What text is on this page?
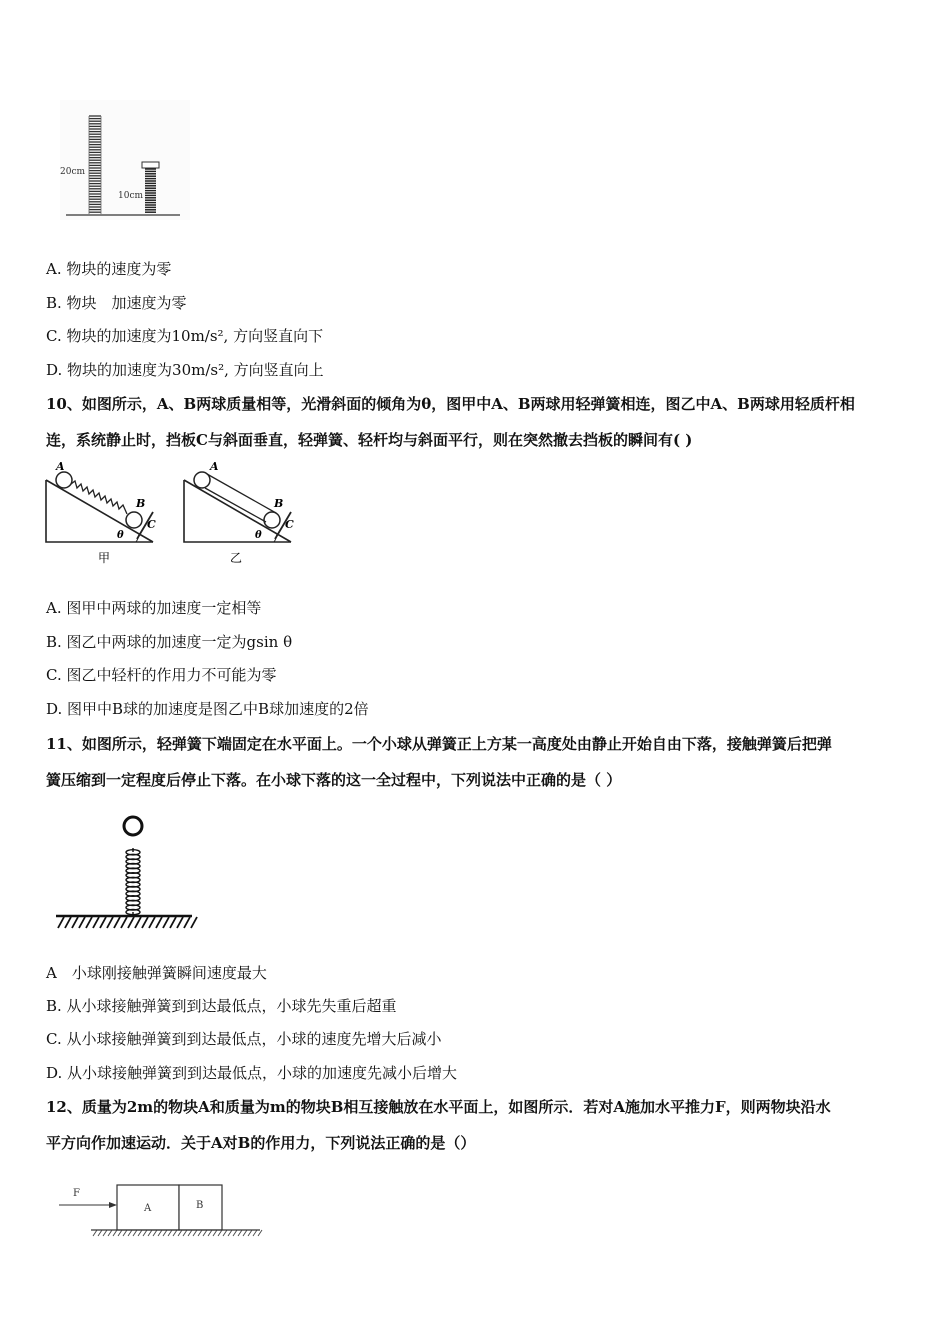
20cm
10cm
A. 物块的速度为零
B. 物块　加速度为零
C. 物块的加速度为10m/s², 方向竖直向下
D. 物块的加速度为30m/s², 方向竖直向上
10、如图所示，A、B两球质量相等，光滑斜面的倾角为θ，图甲中A、B两球用轻弹簧相连，图乙中A、B两球用轻质杆相
连，系统静止时，挡板C与斜面垂直，轻弹簧、轻杆均与斜面平行，则在突然撤去挡板的瞬间有( )
A
B
C
θ
甲
A
B
C
θ
乙
A. 图甲中两球的加速度一定相等
B. 图乙中两球的加速度一定为gsin θ
C. 图乙中轻杆的作用力不可能为零
D. 图甲中B球的加速度是图乙中B球加速度的2倍
11、如图所示，轻弹簧下端固定在水平面上。一个小球从弹簧正上方某一高度处由静止开始自由下落，接触弹簧后把弹
簧压缩到一定程度后停止下落。在小球下落的这一全过程中，下列说法中正确的是（ ）
A　小球刚接触弹簧瞬间速度最大
B. 从小球接触弹簧到到达最低点，小球先失重后超重
C. 从小球接触弹簧到到达最低点，小球的速度先增大后减小
D. 从小球接触弹簧到到达最低点，小球的加速度先减小后增大
12、质量为2m的物块A和质量为m的物块B相互接触放在水平面上，如图所示．若对A施加水平推力F，则两物块沿水
平方向作加速运动．关于A对B的作用力，下列说法正确的是（）
F
A	B
